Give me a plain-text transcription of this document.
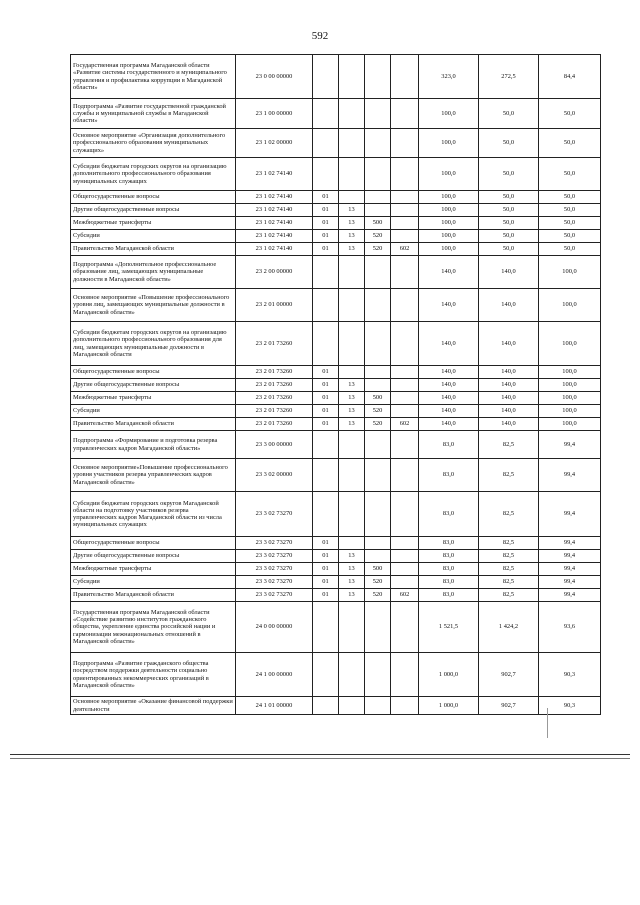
592
Государственная программа Магаданской области «Развитие системы государственного и муниципального управления и профилактика коррупции в Магаданской области»	23 0 00 00000					323,0	272,5	84,4
Подпрограмма «Развитие государственной гражданской службы и муниципальной службы в Магаданской области»	23 1 00 00000					100,0	50,0	50,0
Основное мероприятие «Организация дополнительного профессионального образования муниципальных служащих»	23 1 02 00000					100,0	50,0	50,0
Субсидии бюджетам городских округов на организацию дополнительного профессионального образования муниципальных служащих	23 1 02 74140					100,0	50,0	50,0
Общегосударственные вопросы	23 1 02 74140	01				100,0	50,0	50,0
Другие общегосударственные вопросы	23 1 02 74140	01	13			100,0	50,0	50,0
Межбюджетные трансферты	23 1 02 74140	01	13	500		100,0	50,0	50,0
Субсидии	23 1 02 74140	01	13	520		100,0	50,0	50,0
Правительство Магаданской области	23 1 02 74140	01	13	520	602	100,0	50,0	50,0
Подпрограмма «Дополнительное профессиональное образование лиц, замещающих муниципальные должности в Магаданской области»	23 2 00 00000					140,0	140,0	100,0
Основное мероприятие «Повышение профессионального уровня лиц, замещающих муниципальные должности в Магаданской области»	23 2 01 00000					140,0	140,0	100,0
Субсидии бюджетам городских округов на организацию дополнительного профессионального образования для лиц, замещающих муниципальные должности в Магаданской области	23 2 01 73260					140,0	140,0	100,0
Общегосударственные вопросы	23 2 01 73260	01				140,0	140,0	100,0
Другие общегосударственные вопросы	23 2 01 73260	01	13			140,0	140,0	100,0
Межбюджетные трансферты	23 2 01 73260	01	13	500		140,0	140,0	100,0
Субсидии	23 2 01 73260	01	13	520		140,0	140,0	100,0
Правительство Магаданской области	23 2 01 73260	01	13	520	602	140,0	140,0	100,0
Подпрограмма «Формирование и подготовка резерва управленческих кадров Магаданской области»	23 3 00 00000					83,0	82,5	99,4
Основное мероприятие«Повышение профессионального уровня участников резерва управленческих кадров Магаданской области»	23 3 02 00000					83,0	82,5	99,4
Субсидии бюджетам городских округов Магаданской области на подготовку участников резерва управленческих кадров Магаданской области из числа муниципальных служащих	23 3 02 73270					83,0	82,5	99,4
Общегосударственные вопросы	23 3 02 73270	01				83,0	82,5	99,4
Другие общегосударственные вопросы	23 3 02 73270	01	13			83,0	82,5	99,4
Межбюджетные трансферты	23 3 02 73270	01	13	500		83,0	82,5	99,4
Субсидии	23 3 02 73270	01	13	520		83,0	82,5	99,4
Правительство Магаданской области	23 3 02 73270	01	13	520	602	83,0	82,5	99,4
Государственная программа Магаданской области «Содействие развитию институтов гражданского общества, укрепление единства российской нации и гармонизации межнациональных отношений в Магаданской области»	24 0 00 00000					1 521,5	1 424,2	93,6
Подпрограмма «Развитие гражданского общества посредством поддержки деятельности социально ориентированных некоммерческих организаций в Магаданской области»	24 1 00 00000					1 000,0	902,7	90,3
Основное мероприятие «Оказание финансовой поддержки деятельности	24 1 01 00000					1 000,0	902,7	90,3
